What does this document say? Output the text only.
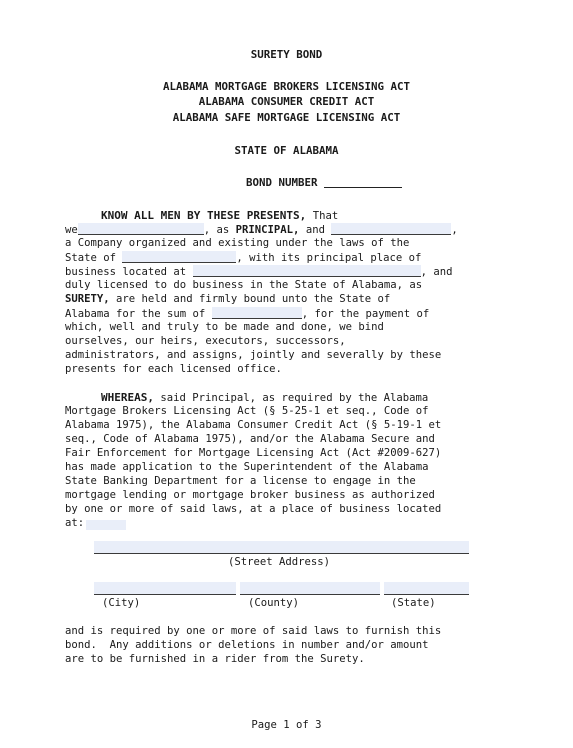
SURETY BOND
ALABAMA MORTGAGE BROKERS LICENSING ACT
ALABAMA CONSUMER CREDIT ACT
ALABAMA SAFE MORTGAGE LICENSING ACT
STATE OF ALABAMA
BOND NUMBER
KNOW ALL MEN BY THESE PRESENTS, That
we	, as PRINCIPAL, and	,
a Company organized and existing under the laws of the
State of	, with its principal place of
business located at	, and
duly licensed to do business in the State of Alabama, as
SURETY, are held and firmly bound unto the State of
Alabama for the sum of	, for the payment of
which, well and truly to be made and done, we bind
ourselves, our heirs, executors, successors,
administrators, and assigns, jointly and severally by these
presents for each licensed office.
WHEREAS, said Principal, as required by the Alabama
Mortgage Brokers Licensing Act (§ 5-25-1 et seq., Code of
Alabama 1975), the Alabama Consumer Credit Act (§ 5-19-1 et
seq., Code of Alabama 1975), and/or the Alabama Secure and
Fair Enforcement for Mortgage Licensing Act (Act #2009-627)
has made application to the Superintendent of the Alabama
State Banking Department for a license to engage in the
mortgage lending or mortgage broker business as authorized
by one or more of said laws, at a place of business located
at:
(Street Address)
(City)	(County)	(State)
and is required by one or more of said laws to furnish this
bond.  Any additions or deletions in number and/or amount
are to be furnished in a rider from the Surety.
Page 1 of 3
